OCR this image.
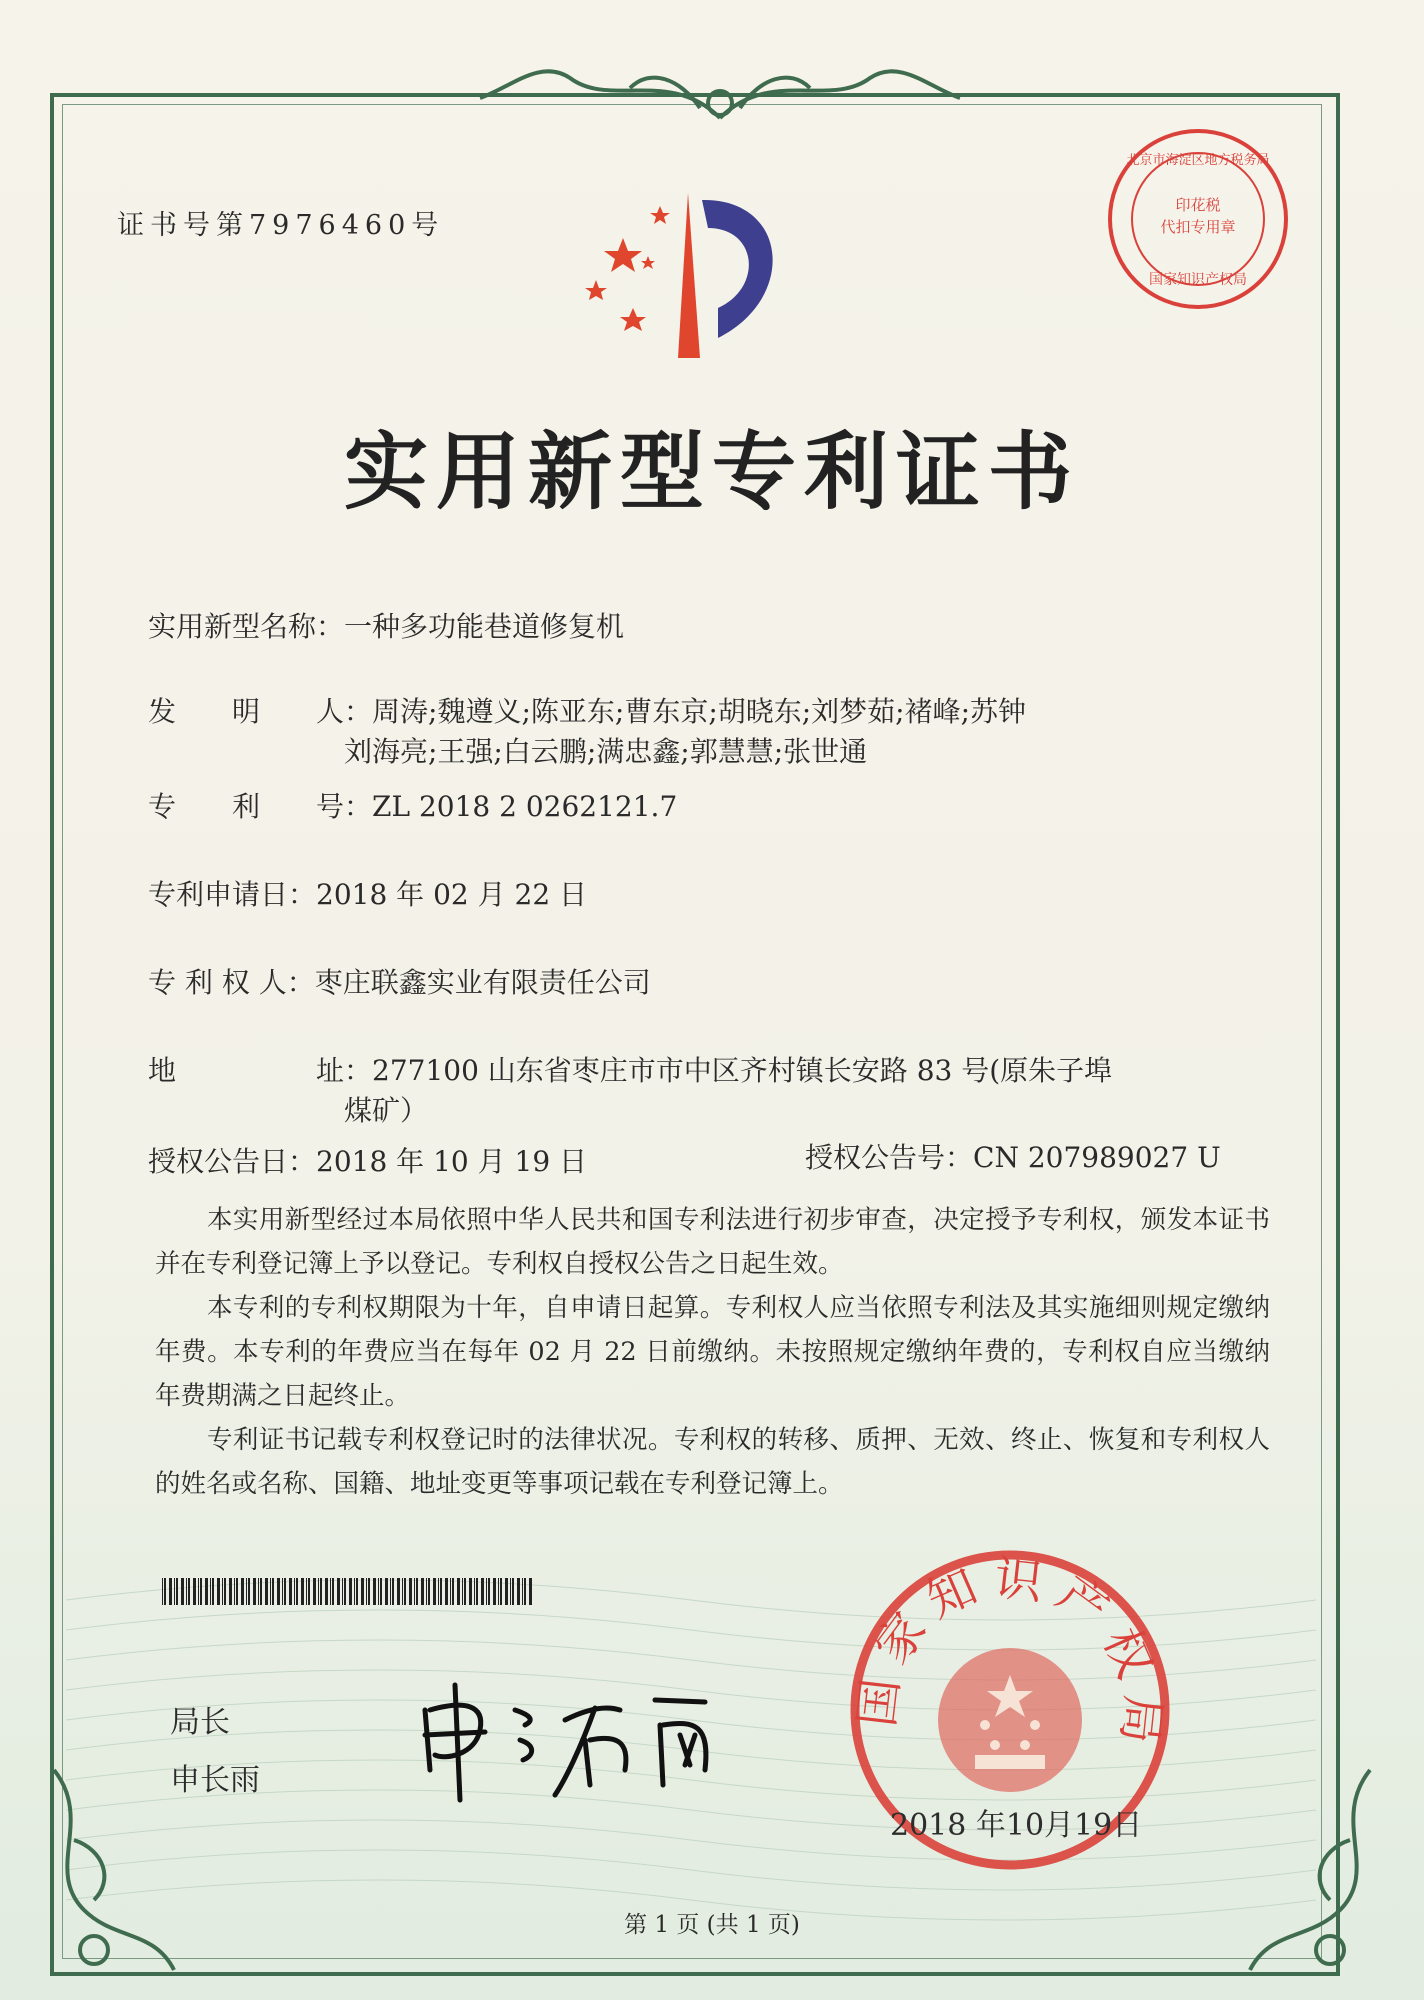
证书号第7976460号
印花税
代扣专用章
北京市海淀区地方税务局
国家知识产权局
实用新型专利证书
实用新型名称：一种多功能巷道修复机
发　　明　　人：周涛;魏遵义;陈亚东;曹东京;胡晓东;刘梦茹;褚峰;苏钟
刘海亮;王强;白云鹏;满忠鑫;郭慧慧;张世通
专　　利　　号：ZL 2018 2 0262121.7
专利申请日：2018 年 02 月 22 日
专 利 权 人：枣庄联鑫实业有限责任公司
地　　　　　址：277100 山东省枣庄市市中区齐村镇长安路 83 号(原朱子埠
煤矿）
授权公告日：2018 年 10 月 19 日	授权公告号：CN 207989027 U

本实用新型经过本局依照中华人民共和国专利法进行初步审查，决定授予专利权，颁发本证书并在专利登记簿上予以登记。专利权自授权公告之日起生效。

本专利的专利权期限为十年，自申请日起算。专利权人应当依照专利法及其实施细则规定缴纳年费。本专利的年费应当在每年 02 月 22 日前缴纳。未按照规定缴纳年费的，专利权自应当缴纳年费期满之日起终止。

专利证书记载专利权登记时的法律状况。专利权的转移、质押、无效、终止、恢复和专利权人的姓名或名称、国籍、地址变更等事项记载在专利登记簿上。

局长
申长雨
国家知识产权局
2018 年10月19日
第 1 页 (共 1 页)
